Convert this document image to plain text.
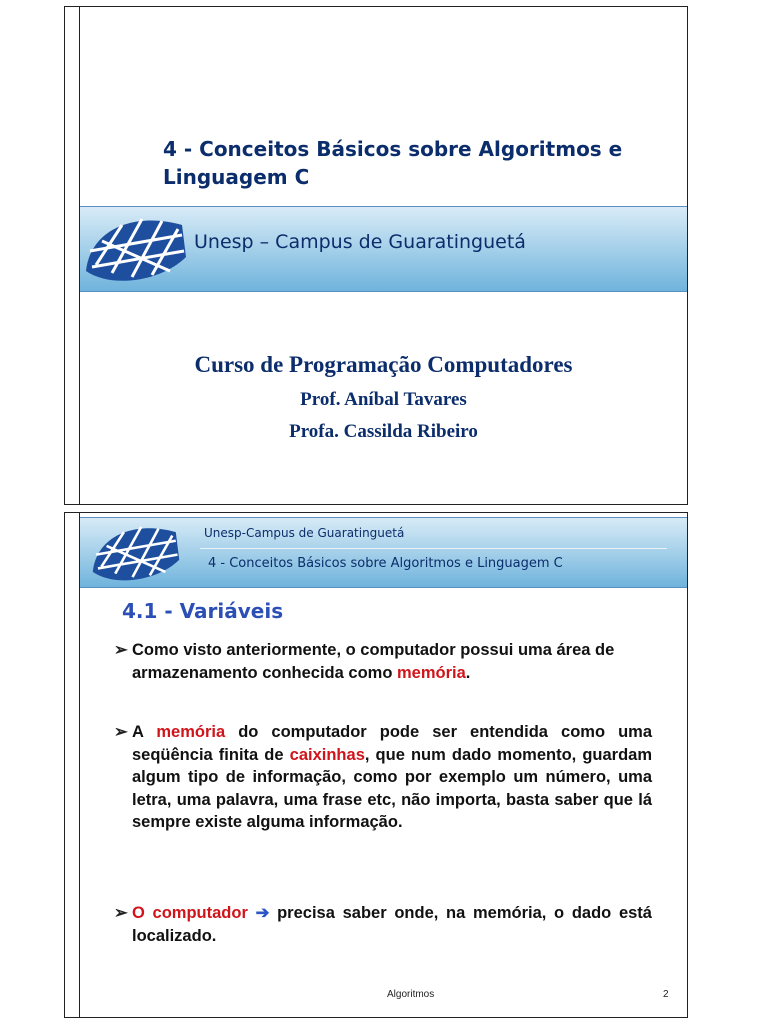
4 - Conceitos Básicos sobre Algoritmos e
Linguagem C
Unesp – Campus de Guaratinguetá
Curso de Programação Computadores
Prof. Aníbal Tavares
Profa. Cassilda Ribeiro
Unesp-Campus de Guaratinguetá
4 - Conceitos Básicos sobre Algoritmos e Linguagem C
4.1 - Variáveis
➢ Como visto anteriormente, o computador possui uma área de armazenamento conhecida como memória.
➢ A memória do computador pode ser entendida como uma seqüência finita de caixinhas, que num dado momento, guardam algum tipo de informação, como por exemplo um número, uma letra, uma palavra, uma frase etc, não importa, basta saber que lá sempre existe alguma informação.
➢ O computador ➔ precisa saber onde, na memória, o dado está localizado.
Algoritmos	2
